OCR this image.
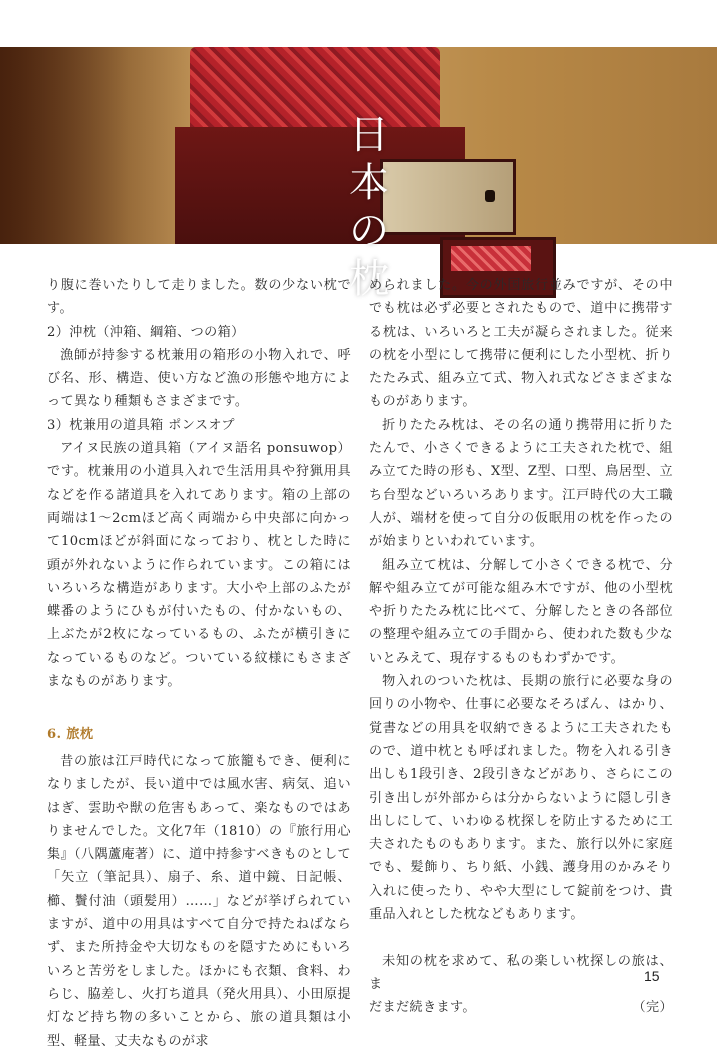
日
本
の
枕

り腹に巻いたりして走りました。数の少ない枕です。

2）沖枕（沖箱、綱箱、つの箱）

漁師が持参する枕兼用の箱形の小物入れで、呼び名、形、構造、使い方など漁の形態や地方によって異なり種類もさまざまです。

3）枕兼用の道具箱 ポンスオプ

アイヌ民族の道具箱（アイヌ語名 ponsuwop）です。枕兼用の小道具入れで生活用具や狩猟用具などを作る諸道具を入れてあります。箱の上部の両端は1～2cmほど高く両端から中央部に向かって10cmほどが斜面になっており、枕とした時に頭が外れないように作られています。この箱にはいろいろな構造があります。大小や上部のふたが蝶番のようにひもが付いたもの、付かないもの、上ぶたが2枚になっているもの、ふたが横引きになっているものなど。ついている紋様にもさまざまなものがあります。

6. 旅枕

昔の旅は江戸時代になって旅籠もでき、便利になりましたが、長い道中では風水害、病気、追いはぎ、雲助や獣の危害もあって、楽なものではありませんでした。文化7年（1810）の『旅行用心集』（八隅蘆庵著）に、道中持参すべきものとして「矢立（筆記具）、扇子、糸、道中鏡、日記帳、櫛、鬢付油（頭髪用）……」などが挙げられていますが、道中の用具はすべて自分で持たねばならず、また所持金や大切なものを隠すためにもいろいろと苦労をしました。ほかにも衣類、食料、わらじ、脇差し、火打ち道具（発火用具）、小田原提灯など持ち物の多いことから、旅の道具類は小型、軽量、丈夫なものが求

められました。今の外国旅行並みですが、その中でも枕は必ず必要とされたもので、道中に携帯する枕は、いろいろと工夫が凝らされました。従来の枕を小型にして携帯に便利にした小型枕、折りたたみ式、組み立て式、物入れ式などさまざまなものがあります。

折りたたみ枕は、その名の通り携帯用に折りたたんで、小さくできるように工夫された枕で、組み立てた時の形も、X型、Z型、口型、鳥居型、立ち台型などいろいろあります。江戸時代の大工職人が、端材を使って自分の仮眠用の枕を作ったのが始まりといわれています。

組み立て枕は、分解して小さくできる枕で、分解や組み立てが可能な組み木ですが、他の小型枕や折りたたみ枕に比べて、分解したときの各部位の整理や組み立ての手間から、使われた数も少ないとみえて、現存するものもわずかです。

物入れのついた枕は、長期の旅行に必要な身の回りの小物や、仕事に必要なそろばん、はかり、覚書などの用具を収納できるように工夫されたもので、道中枕とも呼ばれました。物を入れる引き出しも1段引き、2段引きなどがあり、さらにこの引き出しが外部からは分からないように隠し引き出しにして、いわゆる枕探しを防止するために工夫されたものもあります。また、旅行以外に家庭でも、髪飾り、ちり紙、小銭、護身用のかみそり入れに使ったり、やや大型にして錠前をつけ、貴重品入れとした枕などもあります。

未知の枕を求めて、私の楽しい枕探しの旅は、ま

だまだ続きます。	（完）

15
